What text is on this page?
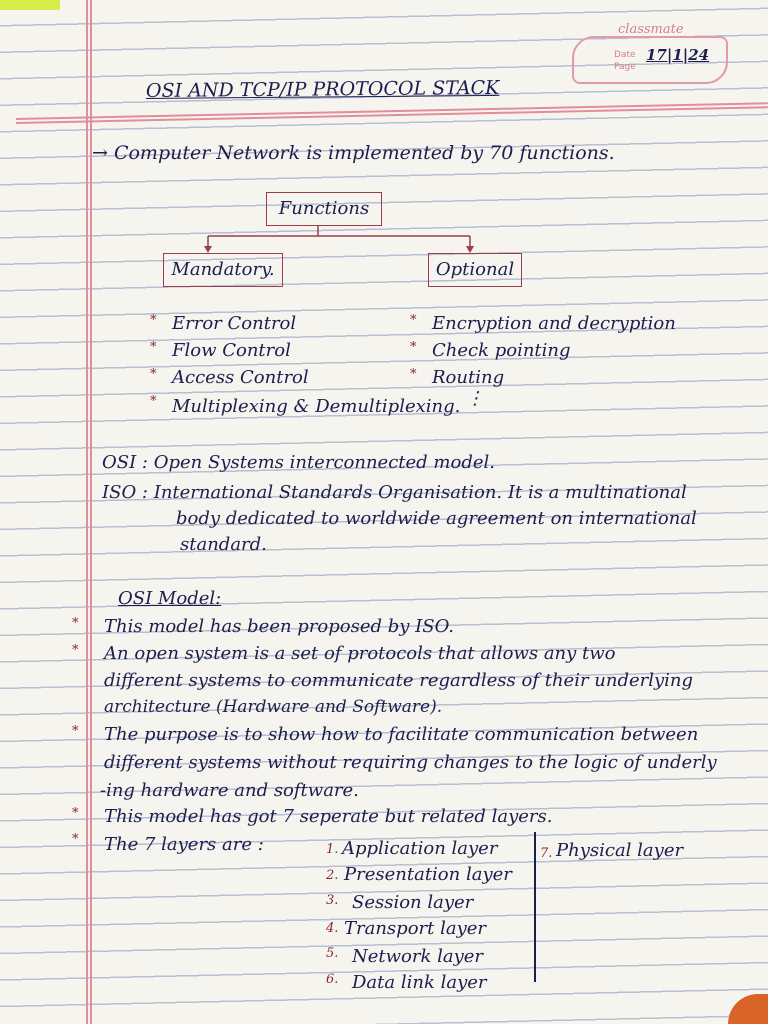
classmate
Date
Page
17|1|24
OSI AND TCP/IP PROTOCOL STACK
→ Computer Network is implemented by 70 functions.
Functions
Mandatory.	Optional
* Error Control
* Flow Control
* Access Control
* Multiplexing & Demultiplexing.
* Encryption and decryption
* Check pointing
* Routing
⋮
OSI : Open Systems interconnected model.
ISO : International Standards Organisation. It is a multinational
body dedicated to worldwide agreement on international
standard.
OSI Model:
* This model has been proposed by ISO.
* An open system is a set of protocols that allows any two
different systems to communicate regardless of their underlying
architecture (Hardware and Software).
* The purpose is to show how to facilitate communication between
different systems without requiring changes to the logic of underly
-ing hardware and software.
* This model has got 7 seperate but related layers.
* The 7 layers are :	1. Application layer
2. Presentation layer
3. Session layer
4. Transport layer
5. Network layer
6. Data link layer
7. Physical layer
